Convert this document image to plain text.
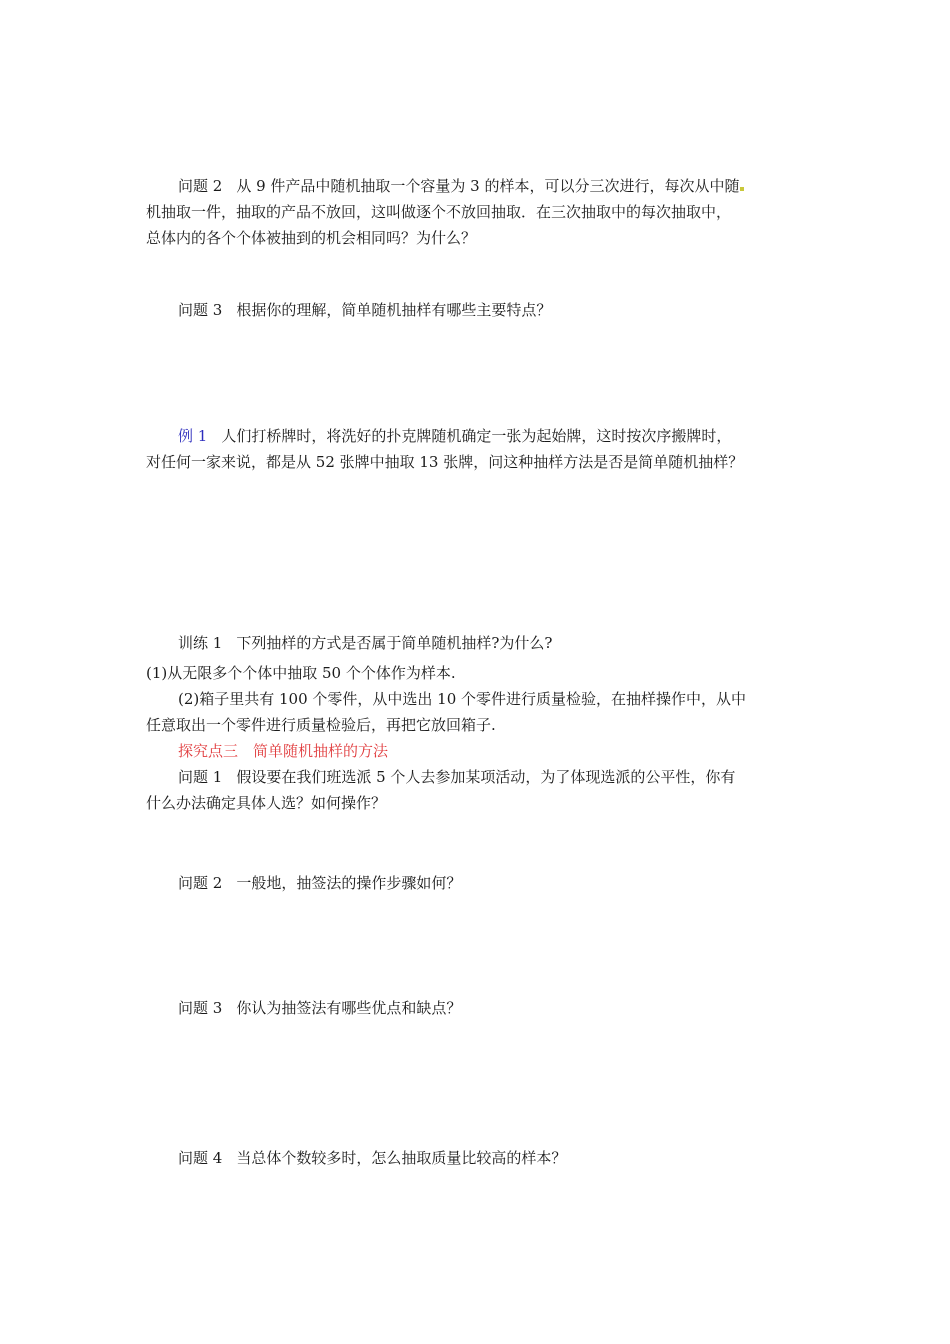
问题 2 从 9 件产品中随机抽取一个容量为 3 的样本，可以分三次进行，每次从中随

机抽取一件，抽取的产品不放回，这叫做逐个不放回抽取．在三次抽取中的每次抽取中，

总体内的各个个体被抽到的机会相同吗？为什么？

问题 3 根据你的理解，简单随机抽样有哪些主要特点？

例 1 人们打桥牌时，将洗好的扑克牌随机确定一张为起始牌，这时按次序搬牌时，

对任何一家来说，都是从 52 张牌中抽取 13 张牌，问这种抽样方法是否是简单随机抽样？

训练 1 下列抽样的方式是否属于简单随机抽样?为什么?

(1)从无限多个个体中抽取 50 个个体作为样本.

(2)箱子里共有 100 个零件，从中选出 10 个零件进行质量检验，在抽样操作中，从中

任意取出一个零件进行质量检验后，再把它放回箱子.

探究点三　简单随机抽样的方法

问题 1 假设要在我们班选派 5 个人去参加某项活动，为了体现选派的公平性，你有

什么办法确定具体人选？如何操作？

问题 2 一般地，抽签法的操作步骤如何？

问题 3 你认为抽签法有哪些优点和缺点？

问题 4 当总体个数较多时，怎么抽取质量比较高的样本？
